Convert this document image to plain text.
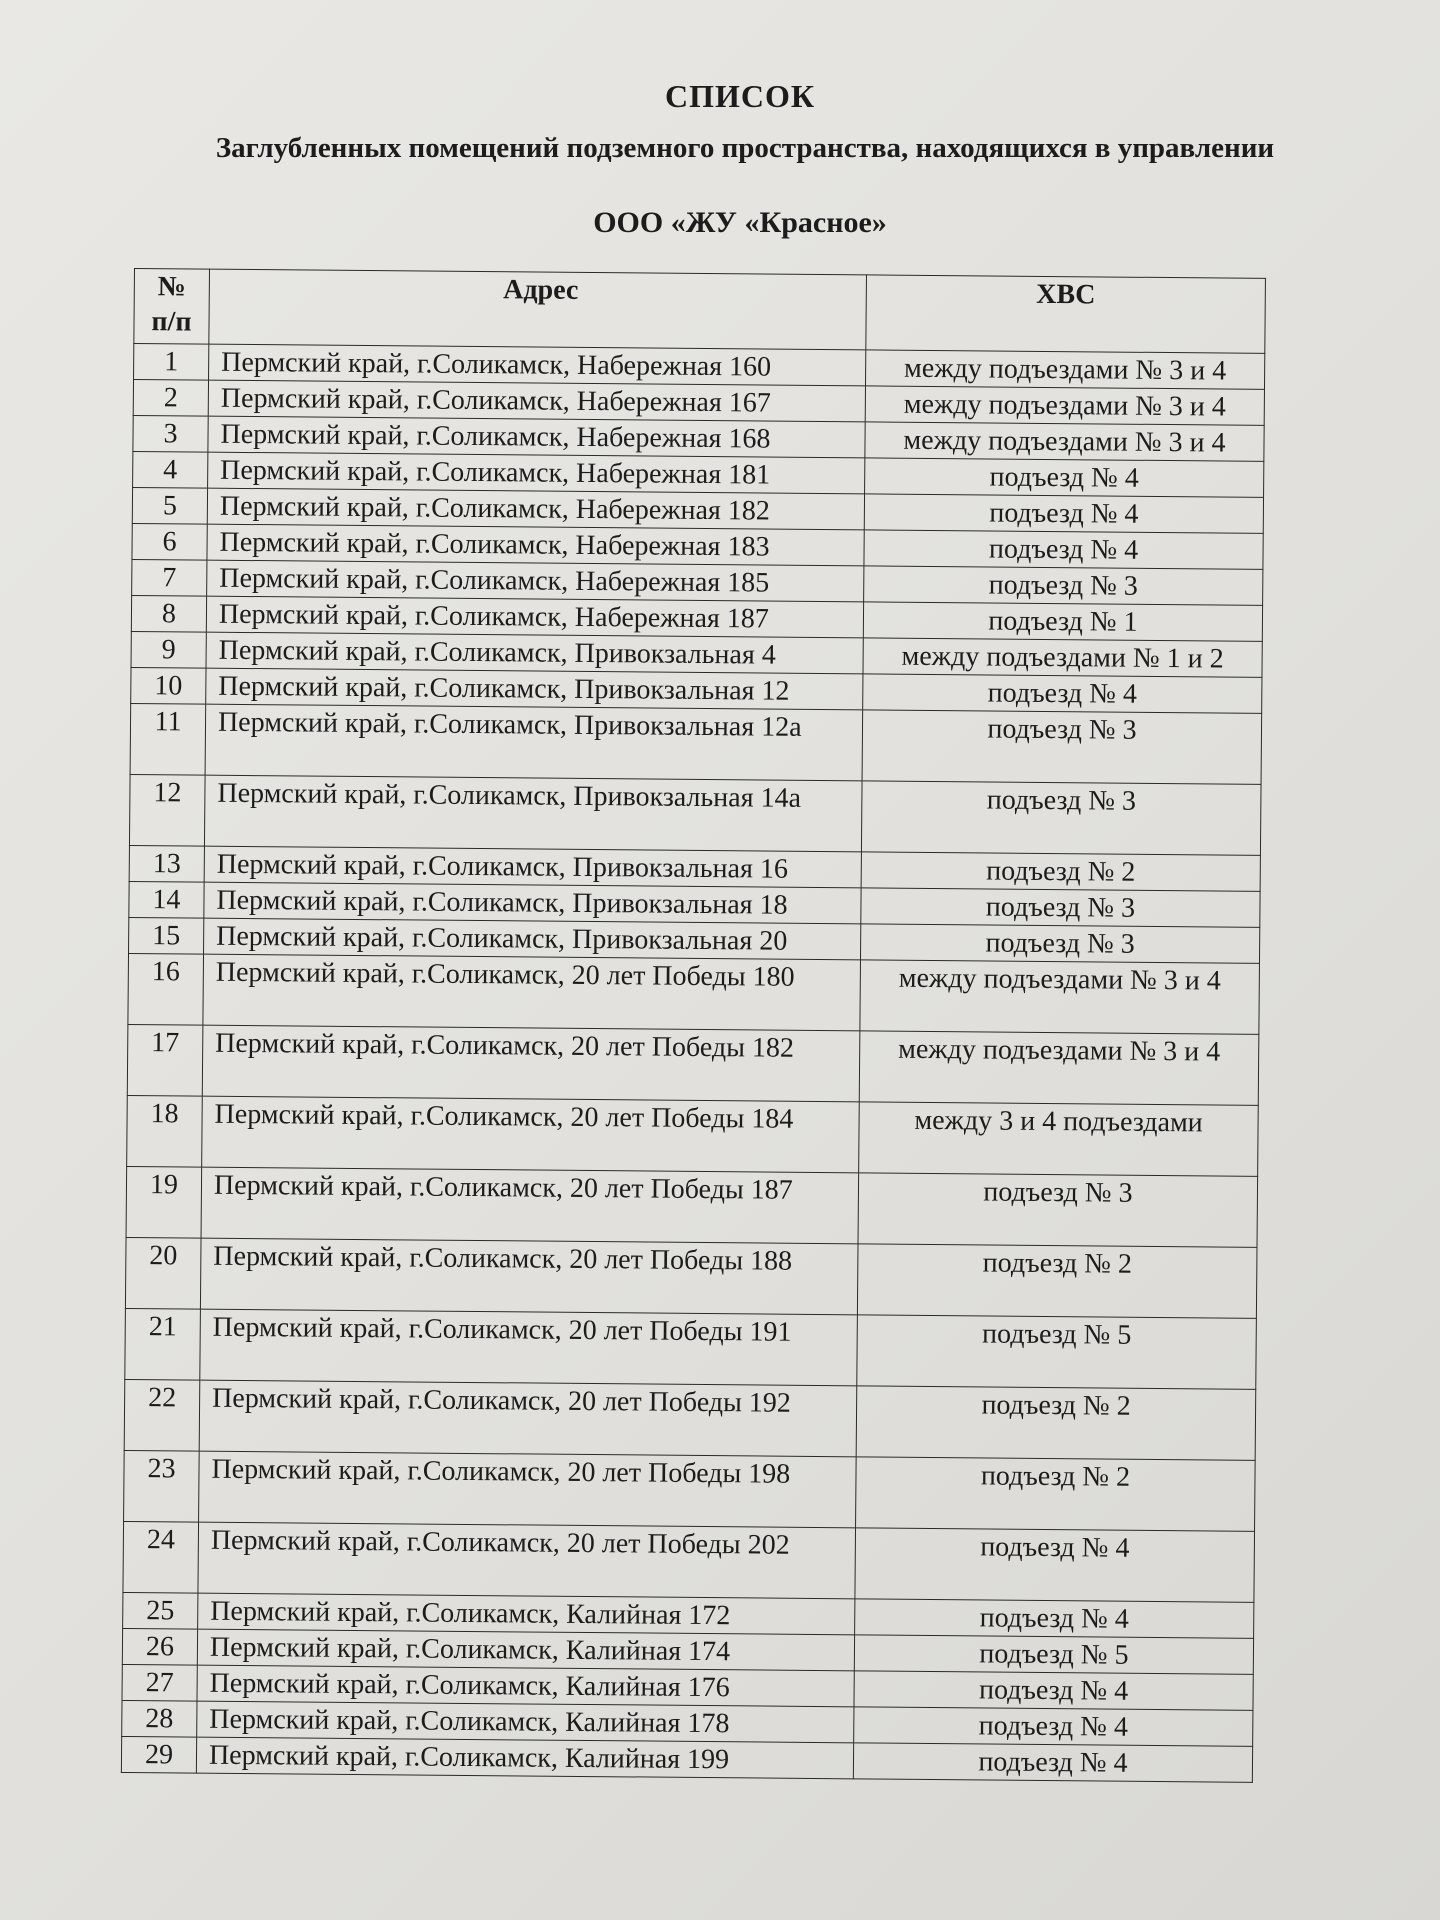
СПИСОК
Заглубленных помещений подземного пространства, находящихся в управлении
ООО «ЖУ «Красное»
№
п/п	Адрес	ХВС
1	Пермский край, г.Соликамск, Набережная 160	между подъездами № 3 и 4
2	Пермский край, г.Соликамск, Набережная 167	между подъездами № 3 и 4
3	Пермский край, г.Соликамск, Набережная 168	между подъездами № 3 и 4
4	Пермский край, г.Соликамск, Набережная 181	подъезд № 4
5	Пермский край, г.Соликамск, Набережная 182	подъезд № 4
6	Пермский край, г.Соликамск, Набережная 183	подъезд № 4
7	Пермский край, г.Соликамск, Набережная 185	подъезд № 3
8	Пермский край, г.Соликамск, Набережная 187	подъезд № 1
9	Пермский край, г.Соликамск, Привокзальная 4	между подъездами № 1 и 2
10	Пермский край, г.Соликамск, Привокзальная 12	подъезд № 4
11	Пермский край, г.Соликамск, Привокзальная 12а	подъезд № 3
12	Пермский край, г.Соликамск, Привокзальная 14а	подъезд № 3
13	Пермский край, г.Соликамск, Привокзальная 16	подъезд № 2
14	Пермский край, г.Соликамск, Привокзальная 18	подъезд № 3
15	Пермский край, г.Соликамск, Привокзальная 20	подъезд № 3
16	Пермский край, г.Соликамск, 20 лет Победы 180	между подъездами № 3 и 4
17	Пермский край, г.Соликамск, 20 лет Победы 182	между подъездами № 3 и 4
18	Пермский край, г.Соликамск, 20 лет Победы 184	между 3 и 4 подъездами
19	Пермский край, г.Соликамск, 20 лет Победы 187	подъезд № 3
20	Пермский край, г.Соликамск, 20 лет Победы 188	подъезд № 2
21	Пермский край, г.Соликамск, 20 лет Победы 191	подъезд № 5
22	Пермский край, г.Соликамск, 20 лет Победы 192	подъезд № 2
23	Пермский край, г.Соликамск, 20 лет Победы 198	подъезд № 2
24	Пермский край, г.Соликамск, 20 лет Победы 202	подъезд № 4
25	Пермский край, г.Соликамск, Калийная 172	подъезд № 4
26	Пермский край, г.Соликамск, Калийная 174	подъезд № 5
27	Пермский край, г.Соликамск, Калийная 176	подъезд № 4
28	Пермский край, г.Соликамск, Калийная 178	подъезд № 4
29	Пермский край, г.Соликамск, Калийная 199	подъезд № 4
